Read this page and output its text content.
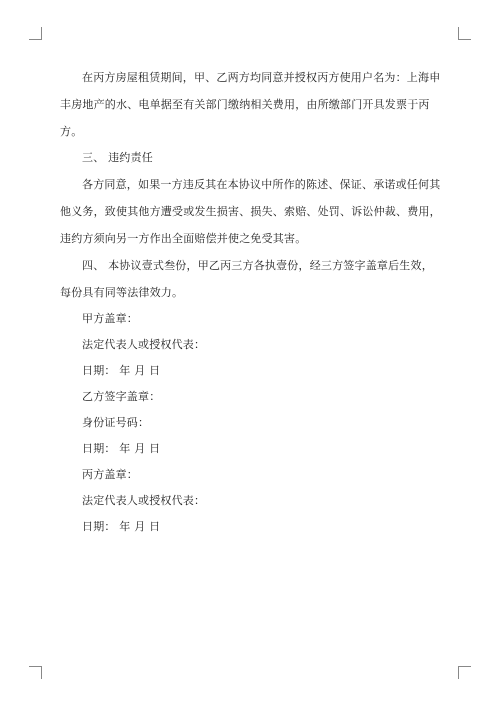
在丙方房屋租赁期间，甲、乙两方均同意并授权丙方使用户名为：上海申丰房地产的水、电单据至有关部门缴纳相关费用，由所缴部门开具发票于丙方。

三、 违约责任

各方同意，如果一方违反其在本协议中所作的陈述、保证、承诺或任何其他义务，致使其他方遭受或发生损害、损失、索赔、处罚、诉讼仲裁、费用，违约方须向另一方作出全面赔偿并使之免受其害。

四、 本协议壹式叁份，甲乙丙三方各执壹份，经三方签字盖章后生效，每份具有同等法律效力。

甲方盖章：

法定代表人或授权代表：

日期： 年 月 日

乙方签字盖章：

身份证号码：

日期： 年 月 日

丙方盖章：

法定代表人或授权代表：

日期： 年 月 日
